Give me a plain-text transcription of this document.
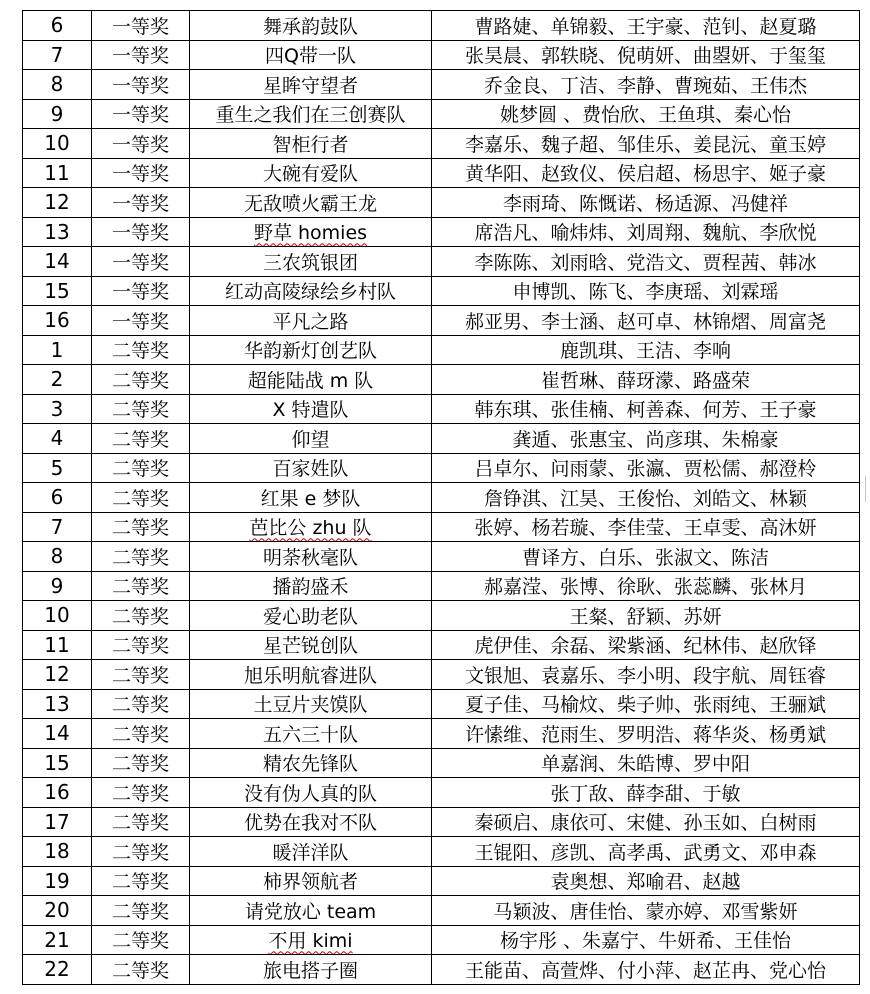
6	一等奖	舞承韵鼓队	曹路婕、单锦毅、王宇豪、范钊、赵夏璐
7	一等奖	四Q带一队	张昊晨、郭轶晓、倪萌妍、曲曌妍、于玺玺
8	一等奖	星眸守望者	乔金良、丁洁、李静、曹琬茹、王伟杰
9	一等奖	重生之我们在三创赛队	姚梦圆 、费怡欣、王鱼琪、秦心怡
10	一等奖	智柜行者	李嘉乐、魏子超、邹佳乐、姜昆沅、童玉婷
11	一等奖	大碗有爱队	黄华阳、赵致仪、侯启超、杨思宇、姬子豪
12	一等奖	无敌喷火霸王龙	李雨琦、陈慨诺、杨适源、冯健祥
13	一等奖	野草 homies	席浩凡、喻炜炜、刘周翔、魏航、李欣悦
14	一等奖	三农筑银团	李陈陈、刘雨晗、党浩文、贾程茜、韩冰
15	一等奖	红动高陵绿绘乡村队	申博凯、陈飞、李庚瑶、刘霖瑶
16	一等奖	平凡之路	郝亚男、李士涵、赵可卓、林锦熠、周富尧
1	二等奖	华韵新灯创艺队	鹿凯琪、王洁、李响
2	二等奖	超能陆战 m 队	崔哲琳、薛玡濛、路盛荣
3	二等奖	X 特遣队	韩东琪、张佳楠、柯善森、何芳、王子豪
4	二等奖	仰望	龚遁、张惠宝、尚彦琪、朱棉豪
5	二等奖	百家姓队	吕卓尔、问雨蒙、张瀛、贾松儒、郝澄柃
6	二等奖	红果 e 梦队	詹铮淇、江昊、王俊怡、刘皓文、林颖
7	二等奖	芭比公 zhu 队	张婷、杨若璇、李佳莹、王卓雯、高沐妍
8	二等奖	明荼秋毫队	曹译方、白乐、张淑文、陈洁
9	二等奖	播韵盛禾	郝嘉滢、张博、徐耿、张蕊麟、张林月
10	二等奖	爱心助老队	王粲、舒颖、苏妍
11	二等奖	星芒锐创队	虎伊佳、余磊、梁紫涵、纪林伟、赵欣铎
12	二等奖	旭乐明航睿进队	文银旭、袁嘉乐、李小明、段宇航、周钰睿
13	二等奖	土豆片夹馍队	夏子佳、马榆炆、柴子帅、张雨纯、王骊斌
14	二等奖	五六三十队	许愫维、范雨生、罗明浩、蒋华炎、杨勇斌
15	二等奖	精农先锋队	单嘉润、朱皓博、罗中阳
16	二等奖	没有伪人真的队	张丁敌、薛李甜、于敏
17	二等奖	优势在我对不队	秦硕启、康依可、宋健、孙玉如、白树雨
18	二等奖	暖洋洋队	王锟阳、彦凯、高孝禹、武勇文、邓申森
19	二等奖	柿界领航者	袁奥想、郑喻君、赵越
20	二等奖	请党放心 team	马颖波、唐佳怡、蒙亦婷、邓雪紫妍
21	二等奖	不用 kimi	杨宇彤 、朱嘉宁、牛妍希、王佳怡
22	二等奖	旅电搭子圈	王能苗、高萱烨、付小萍、赵芷冉、党心怡
